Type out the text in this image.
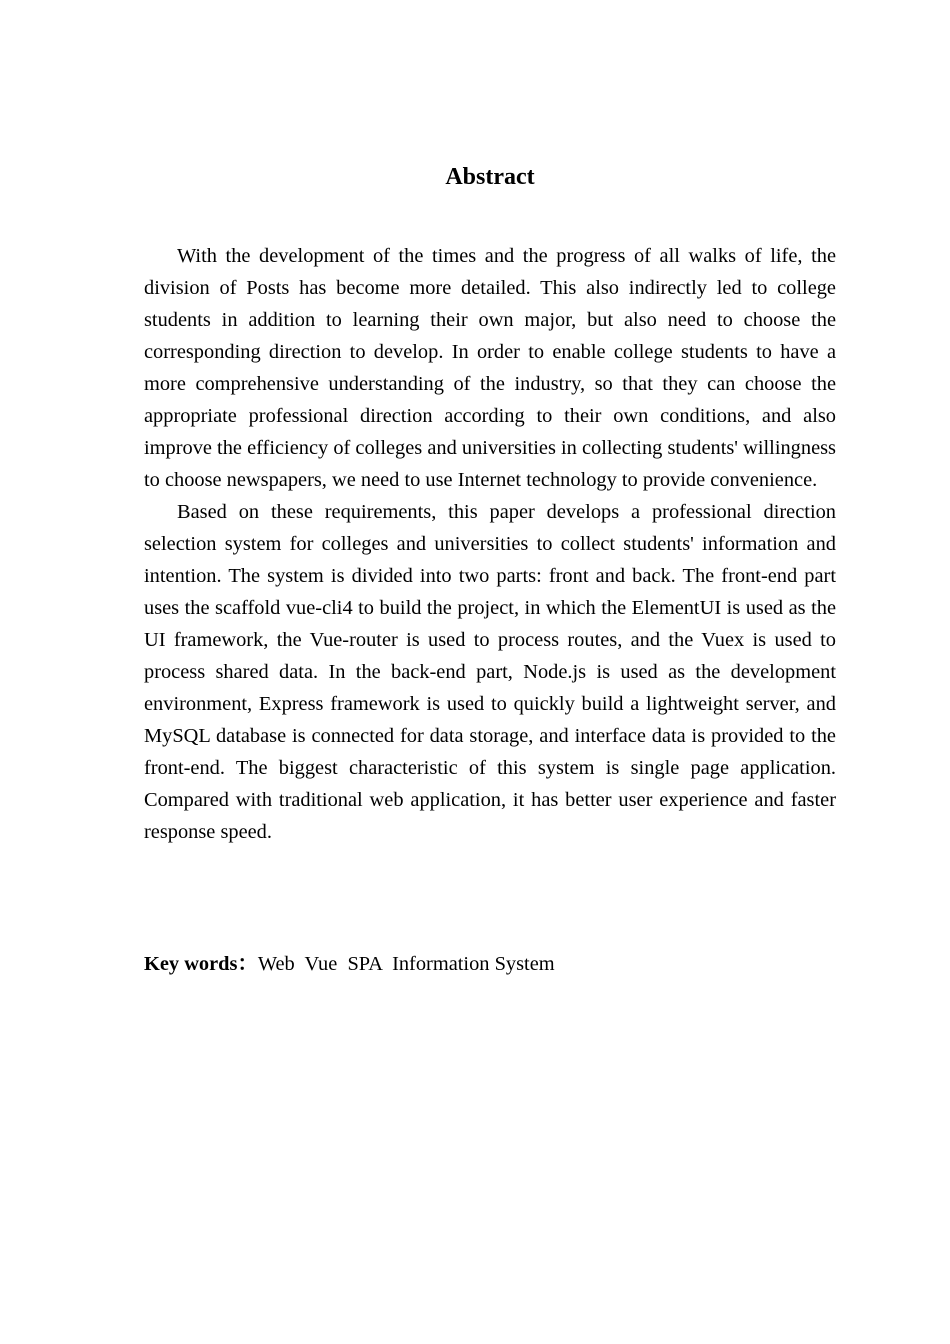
Abstract

With the development of the times and the progress of all walks of life, the division of Posts has become more detailed. This also indirectly led to college students in addition to learning their own major, but also need to choose the corresponding direction to develop. In order to enable college students to have a more comprehensive understanding of the industry, so that they can choose the appropriate professional direction according to their own conditions, and also improve the efficiency of colleges and universities in collecting students' willingness to choose newspapers, we need to use Internet technology to provide convenience.

Based on these requirements, this paper develops a professional direction selection system for colleges and universities to collect students' information and intention. The system is divided into two parts: front and back. The front-end part uses the scaffold vue-cli4 to build the project, in which the ElementUI is used as the UI framework, the Vue-router is used to process routes, and the Vuex is used to process shared data. In the back-end part, Node.js is used as the development environment, Express framework is used to quickly build a lightweight server, and MySQL database is connected for data storage, and interface data is provided to the front-end. The biggest characteristic of this system is single page application. Compared with traditional web application, it has better user experience and faster response speed.

Key words：Web  Vue  SPA  Information System
